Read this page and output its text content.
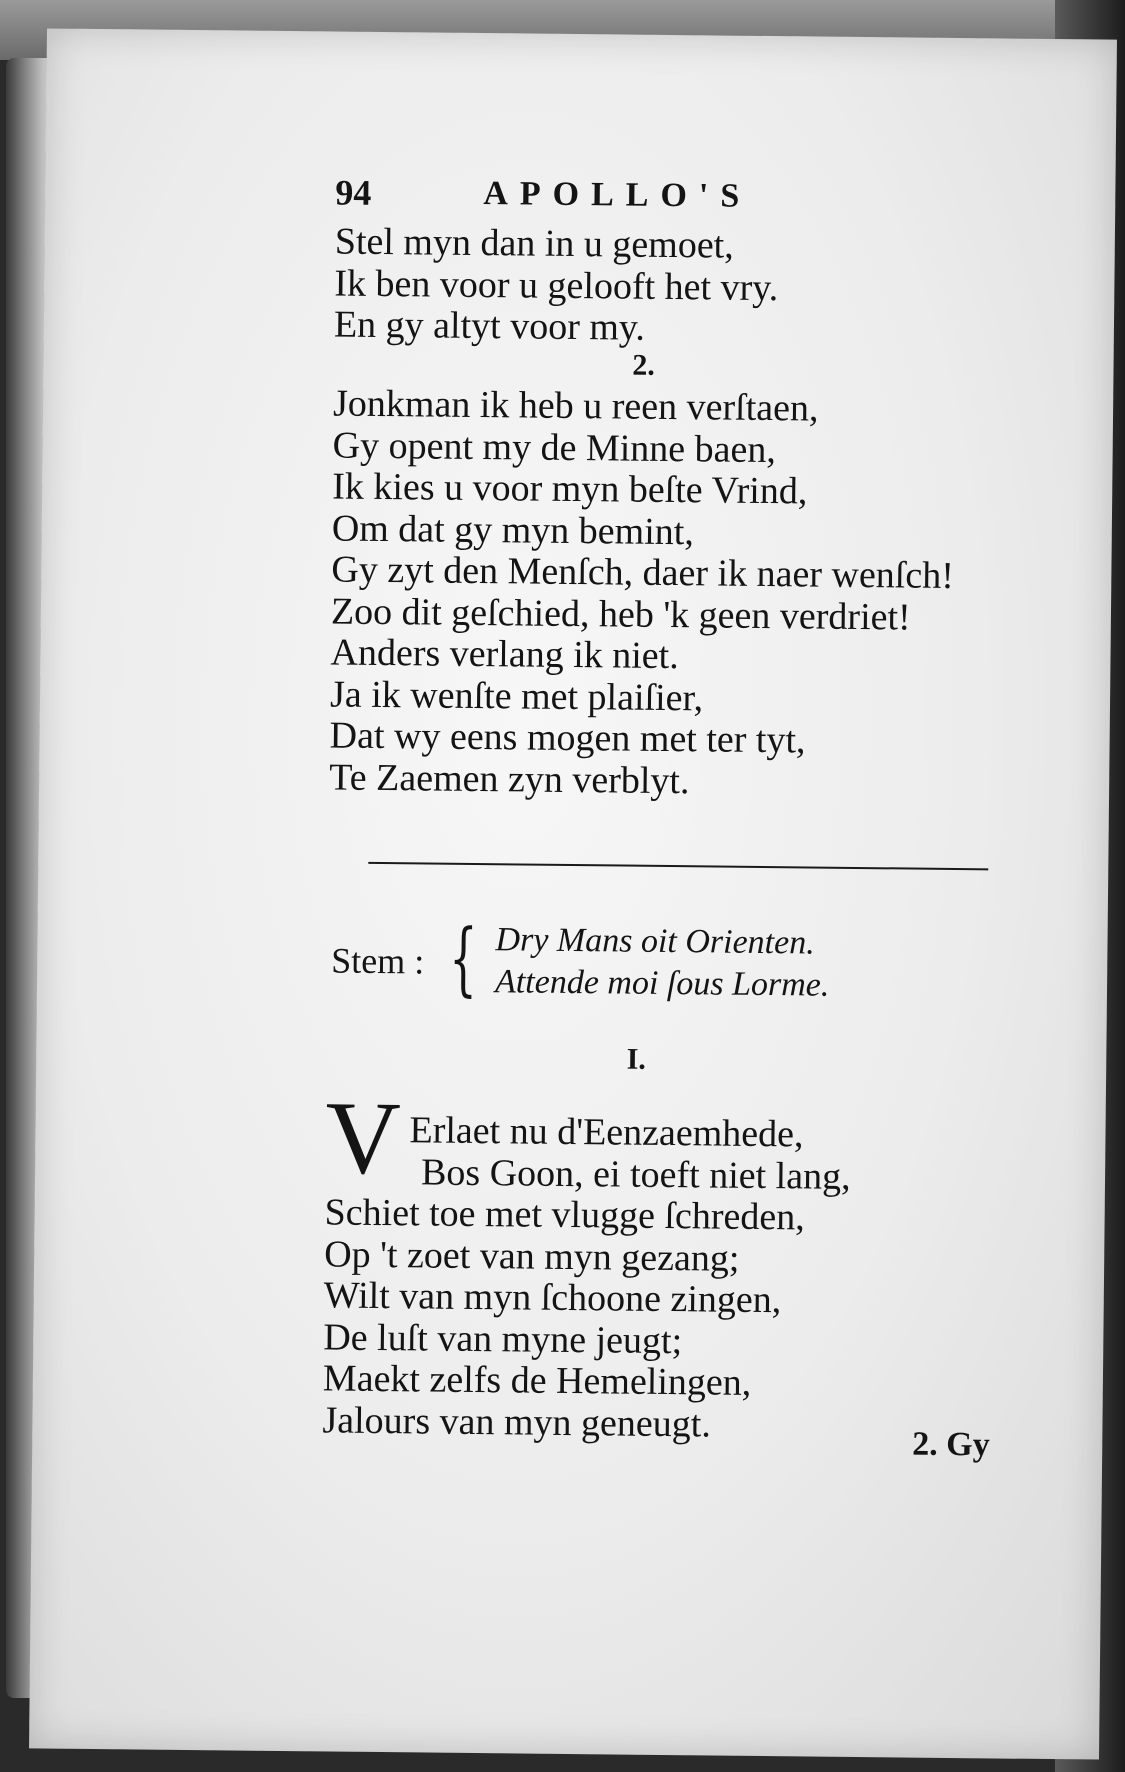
94	APOLLO'S
Stel myn dan in u gemoet,
Ik ben voor u gelooft het vry.
En gy altyt voor my.
2.
Jonkman ik heb u reen verſtaen,
Gy opent my de Minne baen,
Ik kies u voor myn beſte Vrind,
Om dat gy myn bemint,
Gy zyt den Menſch, daer ik naer wenſch!
Zoo dit geſchied, heb 'k geen verdriet!
Anders verlang ik niet.
Ja ik wenſte met plaiſier,
Dat wy eens mogen met ter tyt,
Te Zaemen zyn verblyt.
Stem : { Dry Mans oit Orienten.
Attende moi ſous Lorme.
I.
V Erlaet nu d'Eenzaemhede,
Bos Goon, ei toeft niet lang,
Schiet toe met vlugge ſchreden,
Op 't zoet van myn gezang;
Wilt van myn ſchoone zingen,
De luſt van myne jeugt;
Maekt zelfs de Hemelingen,
Jalours van myn geneugt.	2. Gy
